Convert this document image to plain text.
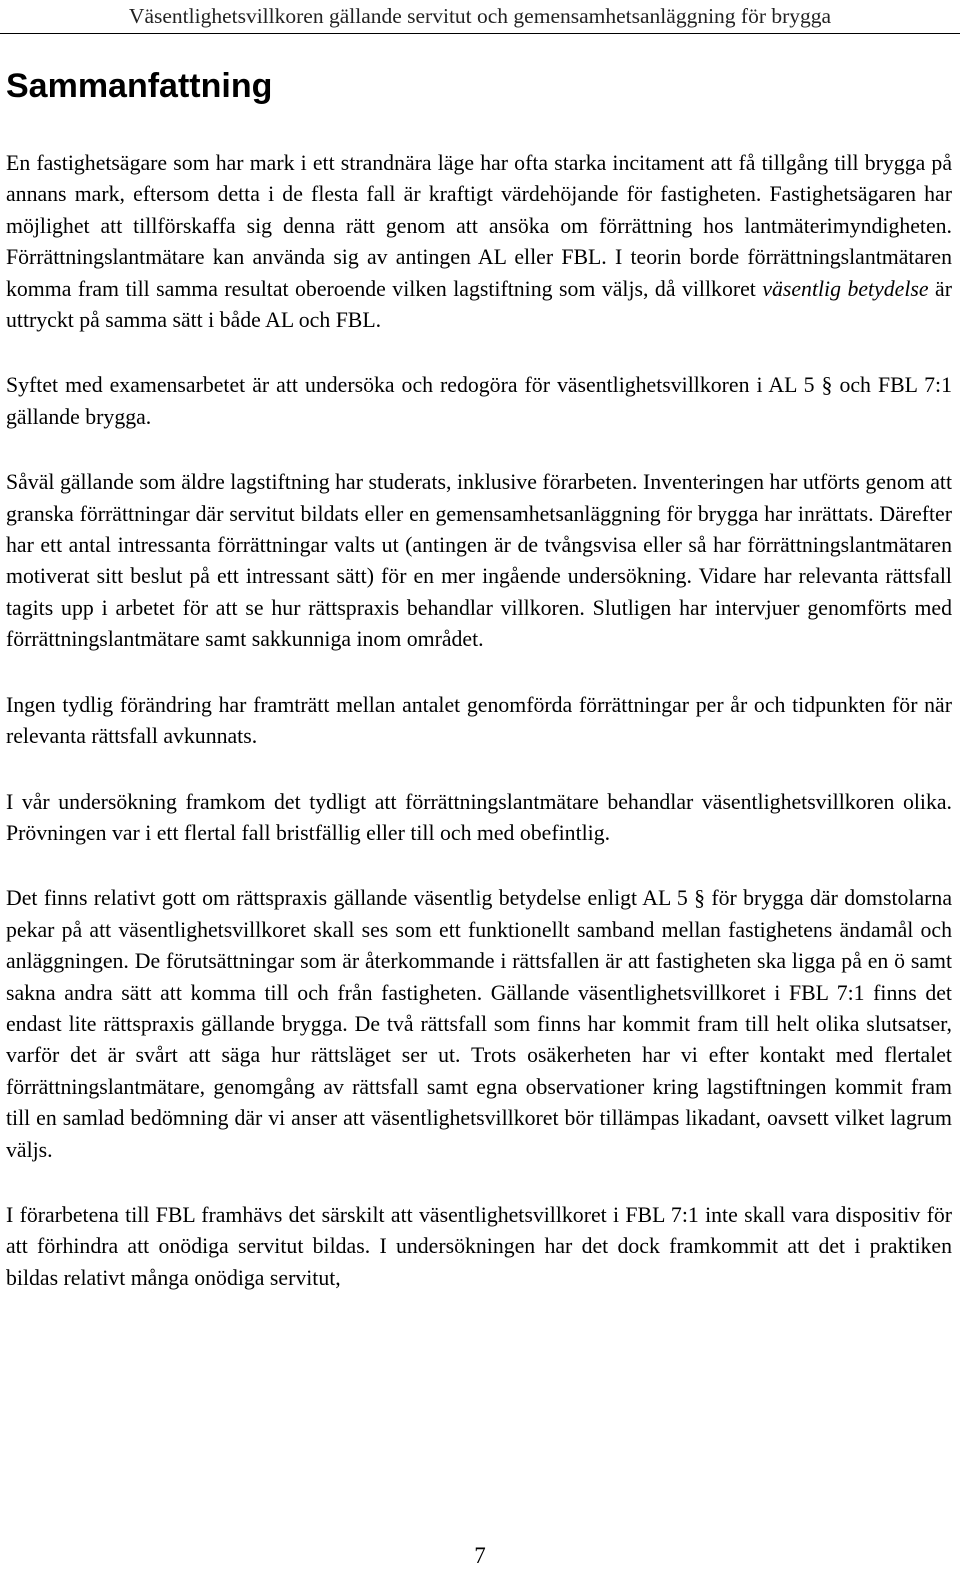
Väsentlighetsvillkoren gällande servitut och gemensamhetsanläggning för brygga
Sammanfattning

En fastighetsägare som har mark i ett strandnära läge har ofta starka incitament att få tillgång till brygga på annans mark, eftersom detta i de flesta fall är kraftigt värdehöjande för fastigheten. Fastighetsägaren har möjlighet att tillförskaffa sig denna rätt genom att ansöka om förrättning hos lantmäterimyndigheten. Förrättningslantmätare kan använda sig av antingen AL eller FBL. I teorin borde förrättningslantmätaren komma fram till samma resultat oberoende vilken lagstiftning som väljs, då villkoret väsentlig betydelse är uttryckt på samma sätt i både AL och FBL.

Syftet med examensarbetet är att undersöka och redogöra för väsentlighetsvillkoren i AL 5 § och FBL 7:1 gällande brygga.

Såväl gällande som äldre lagstiftning har studerats, inklusive förarbeten. Inventeringen har utförts genom att granska förrättningar där servitut bildats eller en gemensamhetsanläggning för brygga har inrättats. Därefter har ett antal intressanta förrättningar valts ut (antingen är de tvångsvisa eller så har förrättningslantmätaren motiverat sitt beslut på ett intressant sätt) för en mer ingående undersökning. Vidare har relevanta rättsfall tagits upp i arbetet för att se hur rättspraxis behandlar villkoren. Slutligen har intervjuer genomförts med förrättningslantmätare samt sakkunniga inom området.

Ingen tydlig förändring har framträtt mellan antalet genomförda förrättningar per år och tidpunkten för när relevanta rättsfall avkunnats.

I vår undersökning framkom det tydligt att förrättningslantmätare behandlar väsentlighetsvillkoren olika. Prövningen var i ett flertal fall bristfällig eller till och med obefintlig.

Det finns relativt gott om rättspraxis gällande väsentlig betydelse enligt AL 5 § för brygga där domstolarna pekar på att väsentlighetsvillkoret skall ses som ett funktionellt samband mellan fastighetens ändamål och anläggningen. De förutsättningar som är återkommande i rättsfallen är att fastigheten ska ligga på en ö samt sakna andra sätt att komma till och från fastigheten. Gällande väsentlighetsvillkoret i FBL 7:1 finns det endast lite rättspraxis gällande brygga. De två rättsfall som finns har kommit fram till helt olika slutsatser, varför det är svårt att säga hur rättsläget ser ut. Trots osäkerheten har vi efter kontakt med flertalet förrättningslantmätare, genomgång av rättsfall samt egna observationer kring lagstiftningen kommit fram till en samlad bedömning där vi anser att väsentlighetsvillkoret bör tillämpas likadant, oavsett vilket lagrum väljs.

I förarbetena till FBL framhävs det särskilt att väsentlighetsvillkoret i FBL 7:1 inte skall vara dispositiv för att förhindra att onödiga servitut bildas. I undersökningen har det dock framkommit att det i praktiken bildas relativt många onödiga servitut,

7
